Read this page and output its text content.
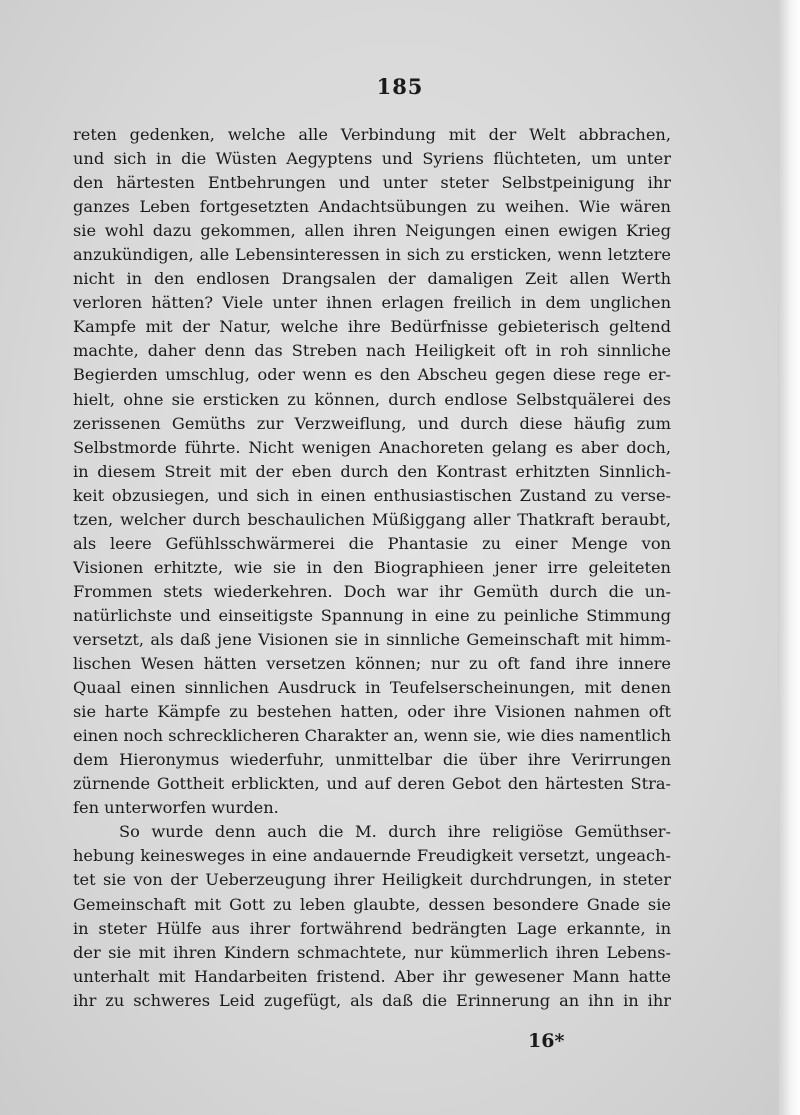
185
reten gedenken, welche alle Verbindung mit der Welt abbrachen,
und sich in die Wüsten Aegyptens und Syriens flüchteten, um unter
den härtesten Entbehrungen und unter steter Selbstpeinigung ihr
ganzes Leben fortgesetzten Andachtsübungen zu weihen. Wie wären
sie wohl dazu gekommen, allen ihren Neigungen einen ewigen Krieg
anzukündigen, alle Lebensinteressen in sich zu ersticken, wenn letztere
nicht in den endlosen Drangsalen der damaligen Zeit allen Werth
verloren hätten? Viele unter ihnen erlagen freilich in dem unglichen
Kampfe mit der Natur, welche ihre Bedürfnisse gebieterisch geltend
machte, daher denn das Streben nach Heiligkeit oft in roh sinnliche
Begierden umschlug, oder wenn es den Abscheu gegen diese rege er-
hielt, ohne sie ersticken zu können, durch endlose Selbstquälerei des
zerissenen Gemüths zur Verzweiflung, und durch diese häufig zum
Selbstmorde führte. Nicht wenigen Anachoreten gelang es aber doch,
in diesem Streit mit der eben durch den Kontrast erhitzten Sinnlich-
keit obzusiegen, und sich in einen enthusiastischen Zustand zu verse-
tzen, welcher durch beschaulichen Müßiggang aller Thatkraft beraubt,
als leere Gefühlsschwärmerei die Phantasie zu einer Menge von
Visionen erhitzte, wie sie in den Biographieen jener irre geleiteten
Frommen stets wiederkehren. Doch war ihr Gemüth durch die un-
natürlichste und einseitigste Spannung in eine zu peinliche Stimmung
versetzt, als daß jene Visionen sie in sinnliche Gemeinschaft mit himm-
lischen Wesen hätten versetzen können; nur zu oft fand ihre innere
Quaal einen sinnlichen Ausdruck in Teufelserscheinungen, mit denen
sie harte Kämpfe zu bestehen hatten, oder ihre Visionen nahmen oft
einen noch schrecklicheren Charakter an, wenn sie, wie dies namentlich
dem Hieronymus wiederfuhr, unmittelbar die über ihre Verirrungen
zürnende Gottheit erblickten, und auf deren Gebot den härtesten Stra-
fen unterworfen wurden.
So wurde denn auch die M. durch ihre religiöse Gemüthser-
hebung keinesweges in eine andauernde Freudigkeit versetzt, ungeach-
tet sie von der Ueberzeugung ihrer Heiligkeit durchdrungen, in steter
Gemeinschaft mit Gott zu leben glaubte, dessen besondere Gnade sie
in steter Hülfe aus ihrer fortwährend bedrängten Lage erkannte, in
der sie mit ihren Kindern schmachtete, nur kümmerlich ihren Lebens-
unterhalt mit Handarbeiten fristend. Aber ihr gewesener Mann hatte
ihr zu schweres Leid zugefügt, als daß die Erinnerung an ihn in ihr
16*
